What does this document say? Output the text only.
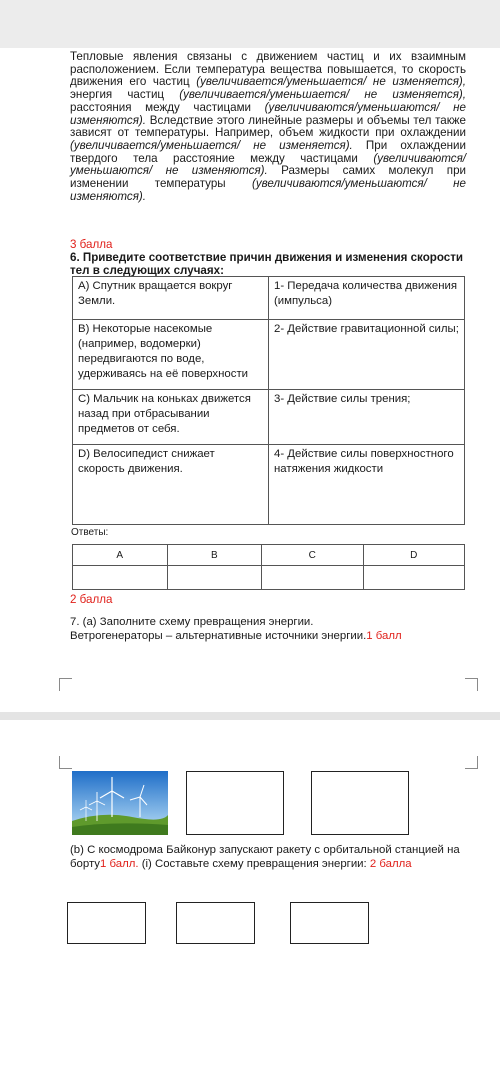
Тепловые явления связаны с движением частиц и их взаимным расположением. Если температура вещества повышается, то скорость движения его частиц (увеличивается/уменьшается/ не изменяется), энергия частиц (увеличивается/уменьшается/ не изменяется), расстояния между частицами (увеличиваются/уменьшаются/ не изменяются). Вследствие этого линейные размеры и объемы тел также зависят от температуры. Например, объем жидкости при охлаждении (увеличивается/уменьшается/ не изменяется). При охлаждении твердого тела расстояние между частицами (увеличиваются/уменьшаются/ не изменяются). Размеры самих молекул при изменении температуры (увеличиваются/уменьшаются/ не изменяются).
3 балла
6. Приведите соответствие причин движения и изменения скорости тел в следующих случаях:
А) Спутник вращается вокруг Земли.	1- Передача количества движения (импульса)
В) Некоторые насекомые (например, водомерки) передвигаются по воде, удерживаясь на её поверхности	2- Действие гравитационной силы;
С) Мальчик на коньках движется назад при отбрасывании предметов от себя.	3- Действие силы трения;
D) Велосипедист снижает скорость движения.	4- Действие силы поверхностного натяжения жидкости
Ответы:
А	В	С	D

2 балла
7. (а) Заполните схему превращения энергии.
Ветрогенераторы – альтернативные источники энергии.1 балл
(b) С космодрома Байконур запускают ракету с орбитальной станцией на борту1 балл. (i) Составьте схему превращения энергии: 2 балла
